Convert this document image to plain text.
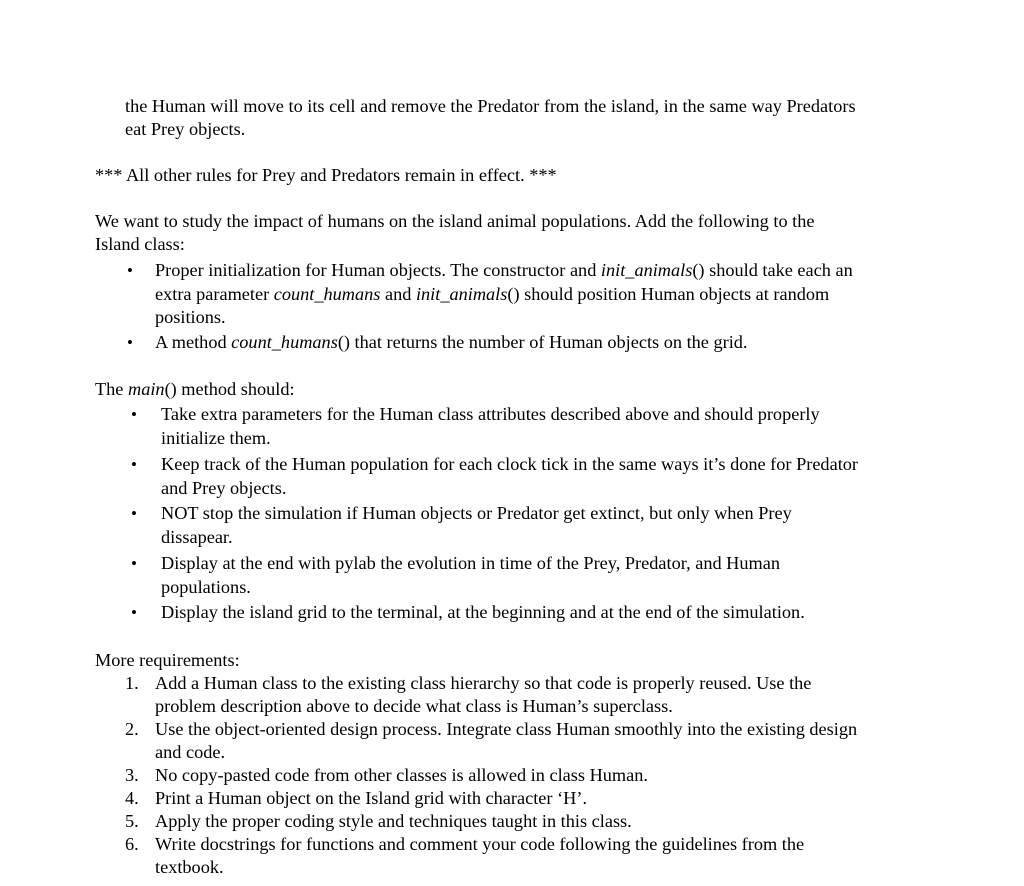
the Human will move to its cell and remove the Predator from the island, in the same way Predators
eat Prey objects.
*** All other rules for Prey and Predators remain in effect. ***
We want to study the impact of humans on the island animal populations. Add the following to the
Island class:
•	Proper initialization for Human objects. The constructor and init_animals() should take each an
extra parameter count_humans and init_animals() should position Human objects at random
positions.
•	A method count_humans() that returns the number of Human objects on the grid.
The main() method should:
•	Take extra parameters for the Human class attributes described above and should properly
initialize them.
•	Keep track of the Human population for each clock tick in the same ways it’s done for Predator
and Prey objects.
•	NOT stop the simulation if Human objects or Predator get extinct, but only when Prey
dissapear.
•	Display at the end with pylab the evolution in time of the Prey, Predator, and Human
populations.
•	Display the island grid to the terminal, at the beginning and at the end of the simulation.
More requirements:
1. Add a Human class to the existing class hierarchy so that code is properly reused. Use the
problem description above to decide what class is Human’s superclass.
2. Use the object-oriented design process. Integrate class Human smoothly into the existing design
and code.
3. No copy-pasted code from other classes is allowed in class Human.
4. Print a Human object on the Island grid with character ‘H’.
5. Apply the proper coding style and techniques taught in this class.
6. Write docstrings for functions and comment your code following the guidelines from the
textbook.
